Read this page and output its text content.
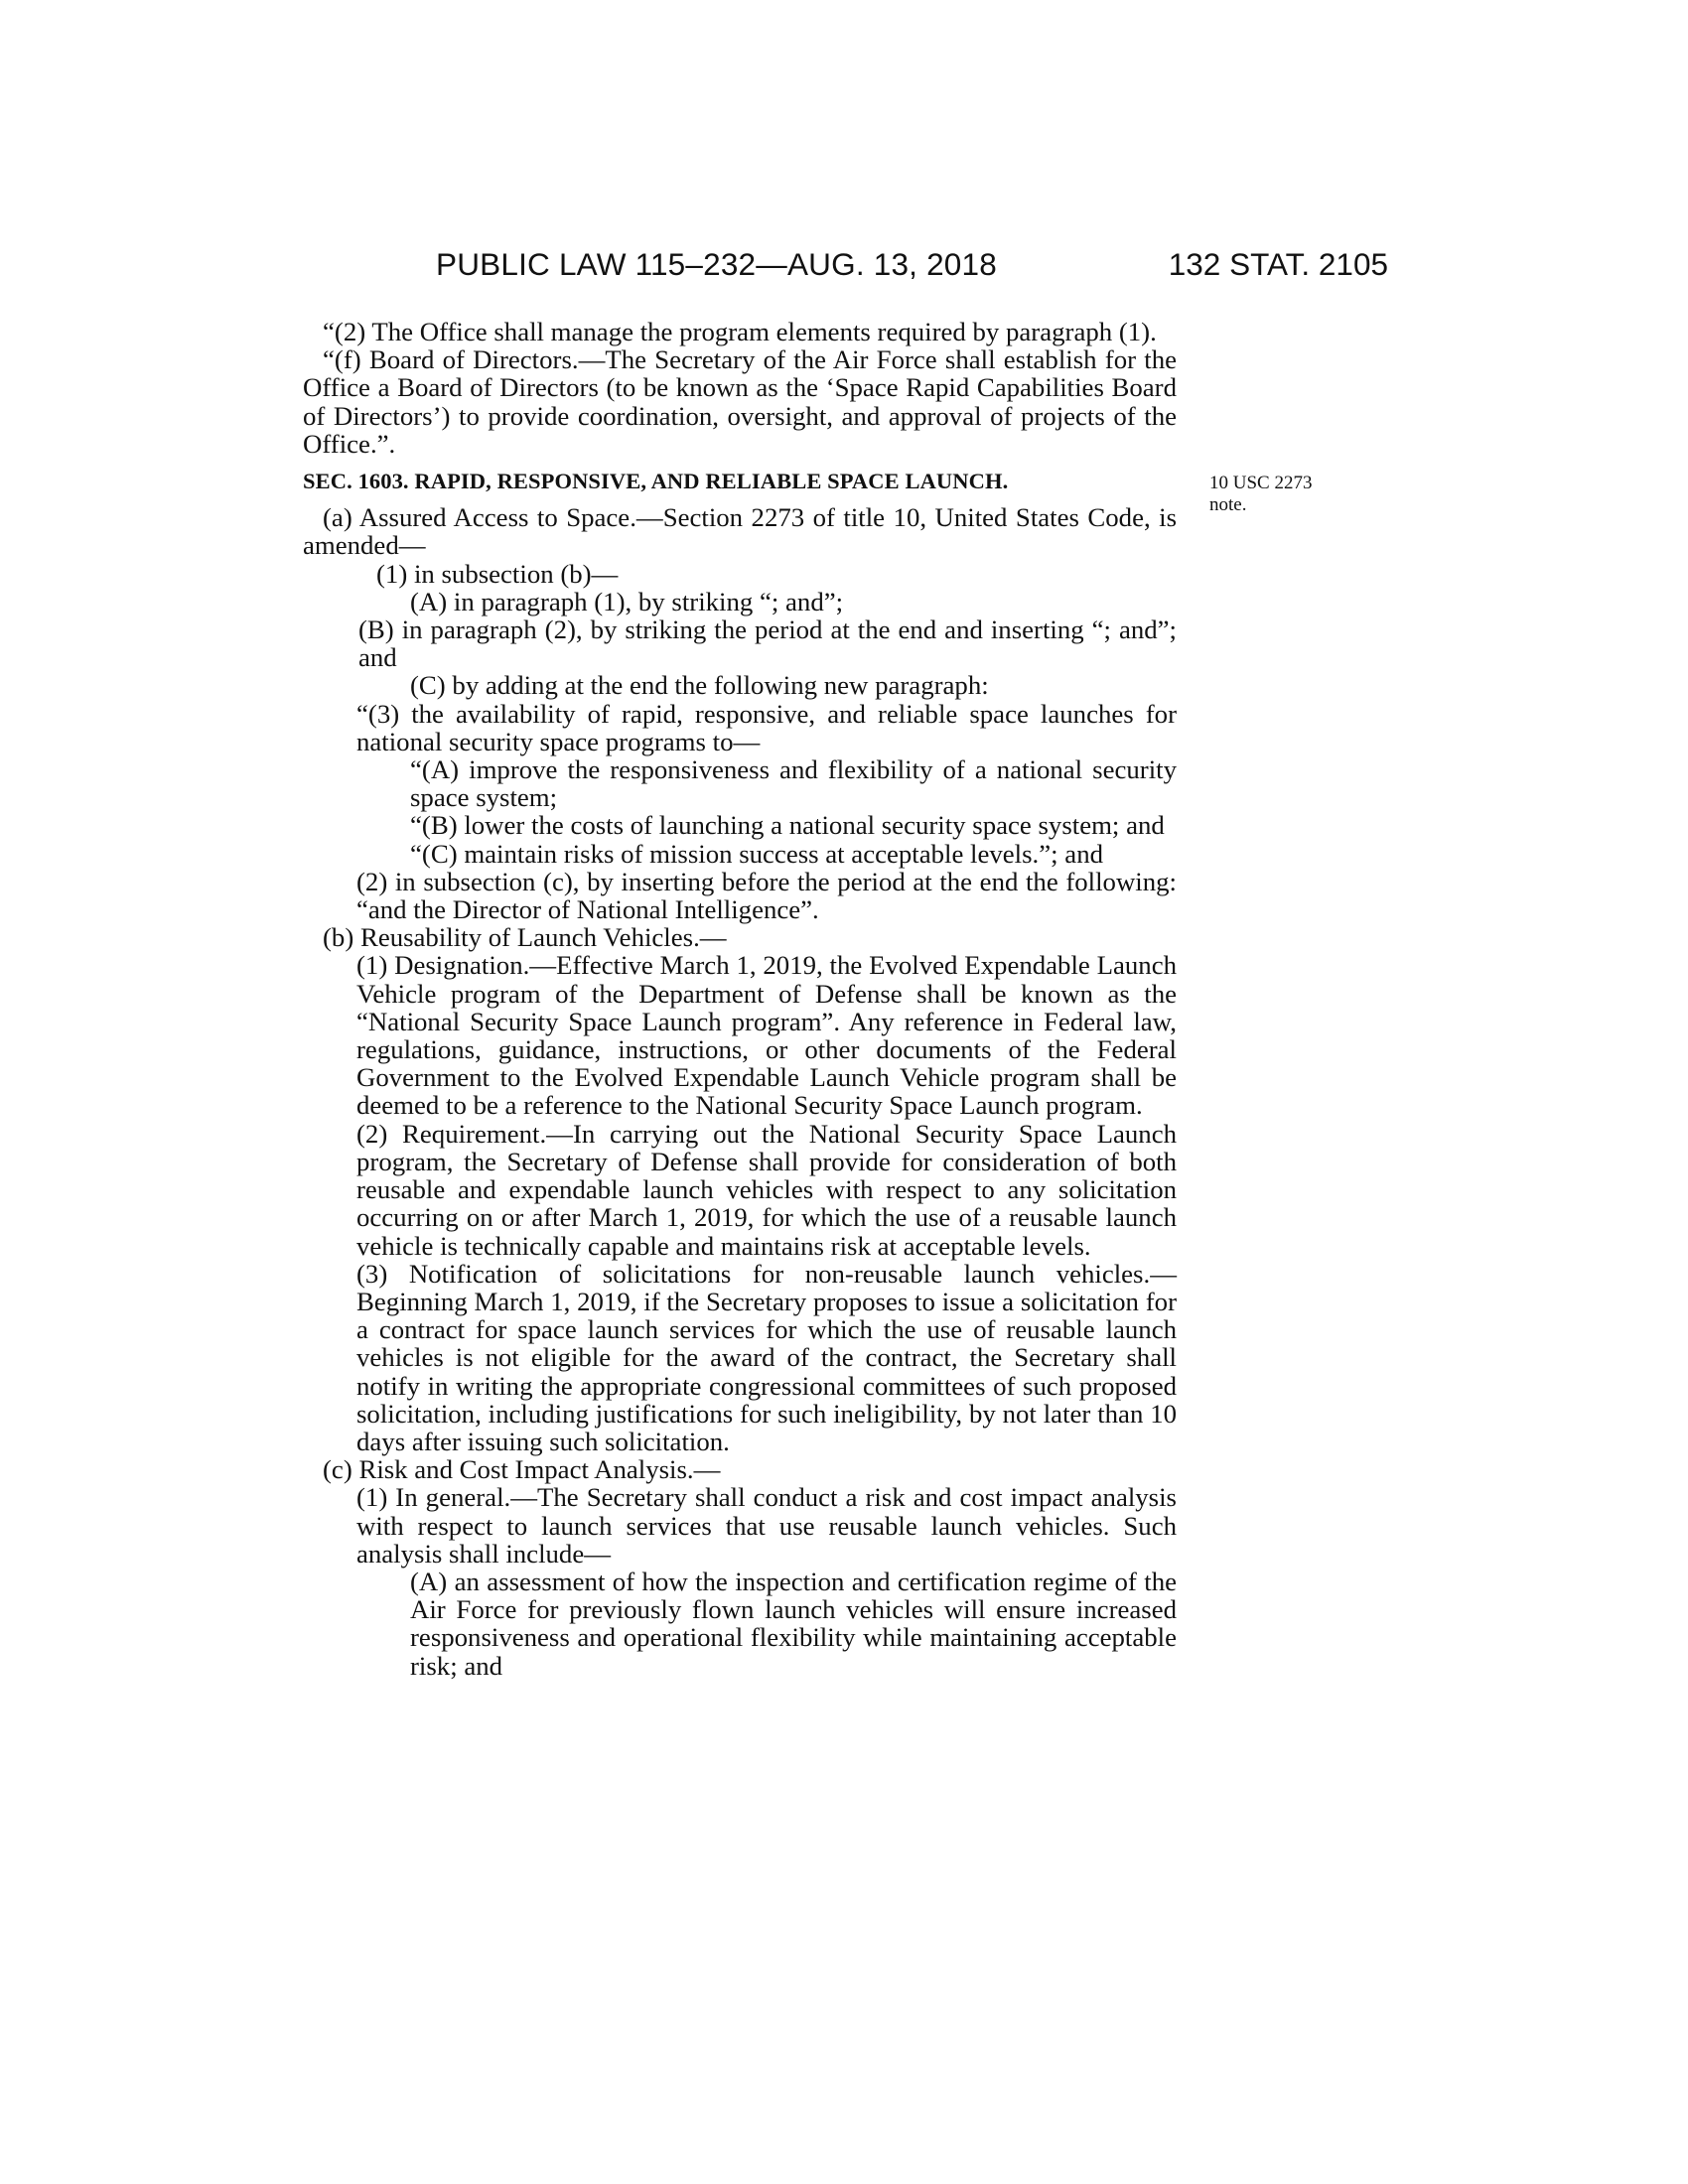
PUBLIC LAW 115–232—AUG. 13, 2018	132 STAT. 2105
10 USC 2273
note.

“(2) The Office shall manage the program elements required by paragraph (1).

“(f) Board of Directors.—The Secretary of the Air Force shall establish for the Office a Board of Directors (to be known as the ‘Space Rapid Capabilities Board of Directors’) to provide coordination, oversight, and approval of projects of the Office.”.

SEC. 1603. RAPID, RESPONSIVE, AND RELIABLE SPACE LAUNCH.

(a) Assured Access to Space.—Section 2273 of title 10, United States Code, is amended—

(1) in subsection (b)—

(A) in paragraph (1), by striking “; and”;

(B) in paragraph (2), by striking the period at the end and inserting “; and”; and

(C) by adding at the end the following new paragraph:

“(3) the availability of rapid, responsive, and reliable space launches for national security space programs to—

“(A) improve the responsiveness and flexibility of a national security space system;

“(B) lower the costs of launching a national security space system; and

“(C) maintain risks of mission success at acceptable levels.”; and

(2) in subsection (c), by inserting before the period at the end the following: “and the Director of National Intelligence”.

(b) Reusability of Launch Vehicles.—

(1) Designation.—Effective March 1, 2019, the Evolved Expendable Launch Vehicle program of the Department of Defense shall be known as the “National Security Space Launch program”. Any reference in Federal law, regulations, guidance, instructions, or other documents of the Federal Government to the Evolved Expendable Launch Vehicle program shall be deemed to be a reference to the National Security Space Launch program.

(2) Requirement.—In carrying out the National Security Space Launch program, the Secretary of Defense shall provide for consideration of both reusable and expendable launch vehicles with respect to any solicitation occurring on or after March 1, 2019, for which the use of a reusable launch vehicle is technically capable and maintains risk at acceptable levels.

(3) Notification of solicitations for non-reusable launch vehicles.—Beginning March 1, 2019, if the Secretary proposes to issue a solicitation for a contract for space launch services for which the use of reusable launch vehicles is not eligible for the award of the contract, the Secretary shall notify in writing the appropriate congressional committees of such proposed solicitation, including justifications for such ineligibility, by not later than 10 days after issuing such solicitation.

(c) Risk and Cost Impact Analysis.—

(1) In general.—The Secretary shall conduct a risk and cost impact analysis with respect to launch services that use reusable launch vehicles. Such analysis shall include—

(A) an assessment of how the inspection and certification regime of the Air Force for previously flown launch vehicles will ensure increased responsiveness and operational flexibility while maintaining acceptable risk; and
